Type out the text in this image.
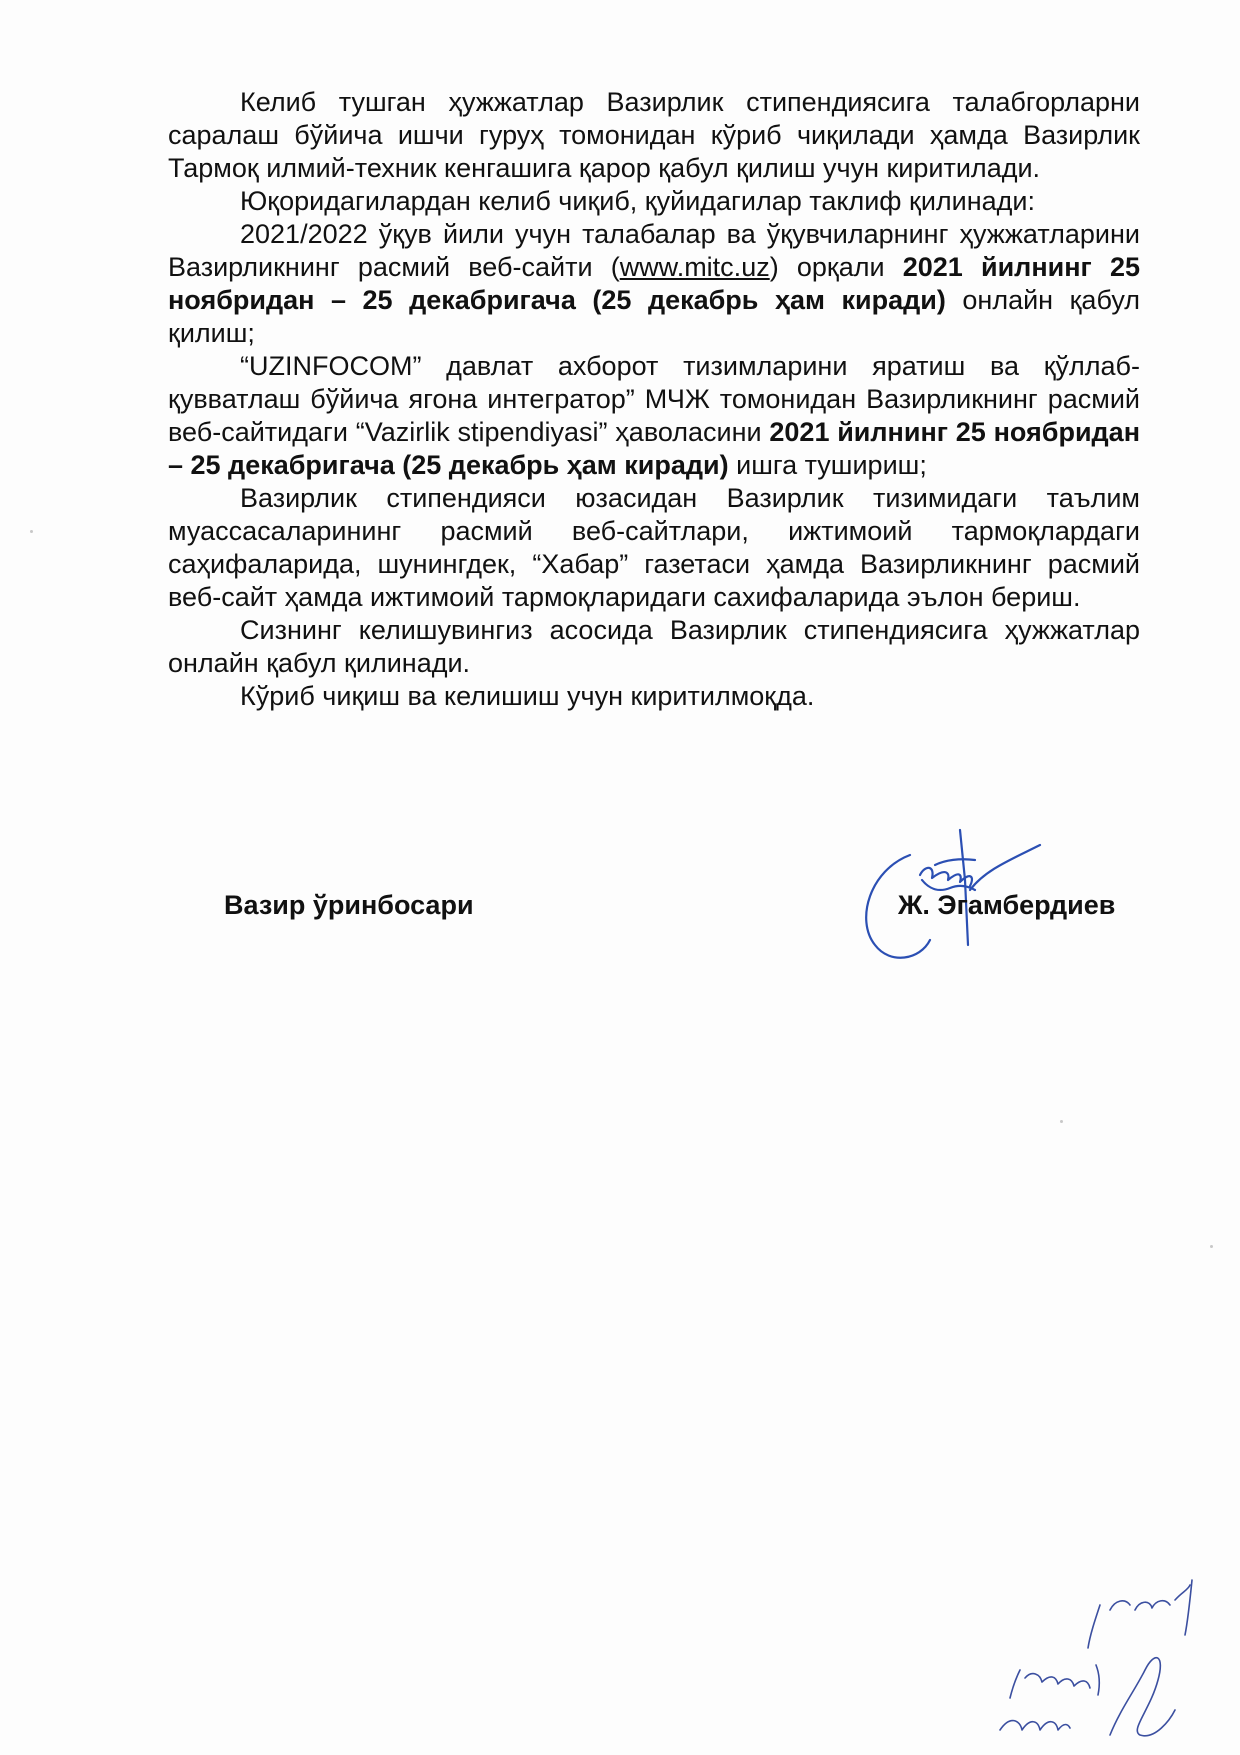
Келиб тушган ҳужжатлар Вазирлик стипендиясига талабгорларни саралаш бўйича ишчи гуруҳ томонидан кўриб чиқилади ҳамда Вазирлик Тармоқ илмий-техник кенгашига қарор қабул қилиш учун киритилади.

Юқоридагилардан келиб чиқиб, қуйидагилар таклиф қилинади:

2021/2022 ўқув йили учун талабалар ва ўқувчиларнинг ҳужжатларини Вазирликнинг расмий веб-сайти (www.mitc.uz) орқали 2021 йилнинг 25 ноябридан – 25 декабригача (25 декабрь ҳам киради) онлайн қабул қилиш;

“UZINFOCOM” давлат ахборот тизимларини яратиш ва қўллаб-қувватлаш бўйича ягона интегратор” МЧЖ томонидан Вазирликнинг расмий веб-сайтидаги “Vazirlik stipendiyasi” ҳаволасини 2021 йилнинг 25 ноябридан – 25 декабригача (25 декабрь ҳам киради) ишга тушириш;

Вазирлик стипендияси юзасидан Вазирлик тизимидаги таълим муассасаларининг расмий веб-сайтлари, ижтимоий тармоқлардаги саҳифаларида, шунингдек, “Хабар” газетаси ҳамда Вазирликнинг расмий веб-сайт ҳамда ижтимоий тармоқларидаги сахифаларида эълон бериш.

Сизнинг келишувингиз асосида Вазирлик стипендиясига ҳужжатлар онлайн қабул қилинади.

Кўриб чиқиш ва келишиш учун киритилмоқда.

Вазир ўринбосари	Ж. Эгамбердиев
